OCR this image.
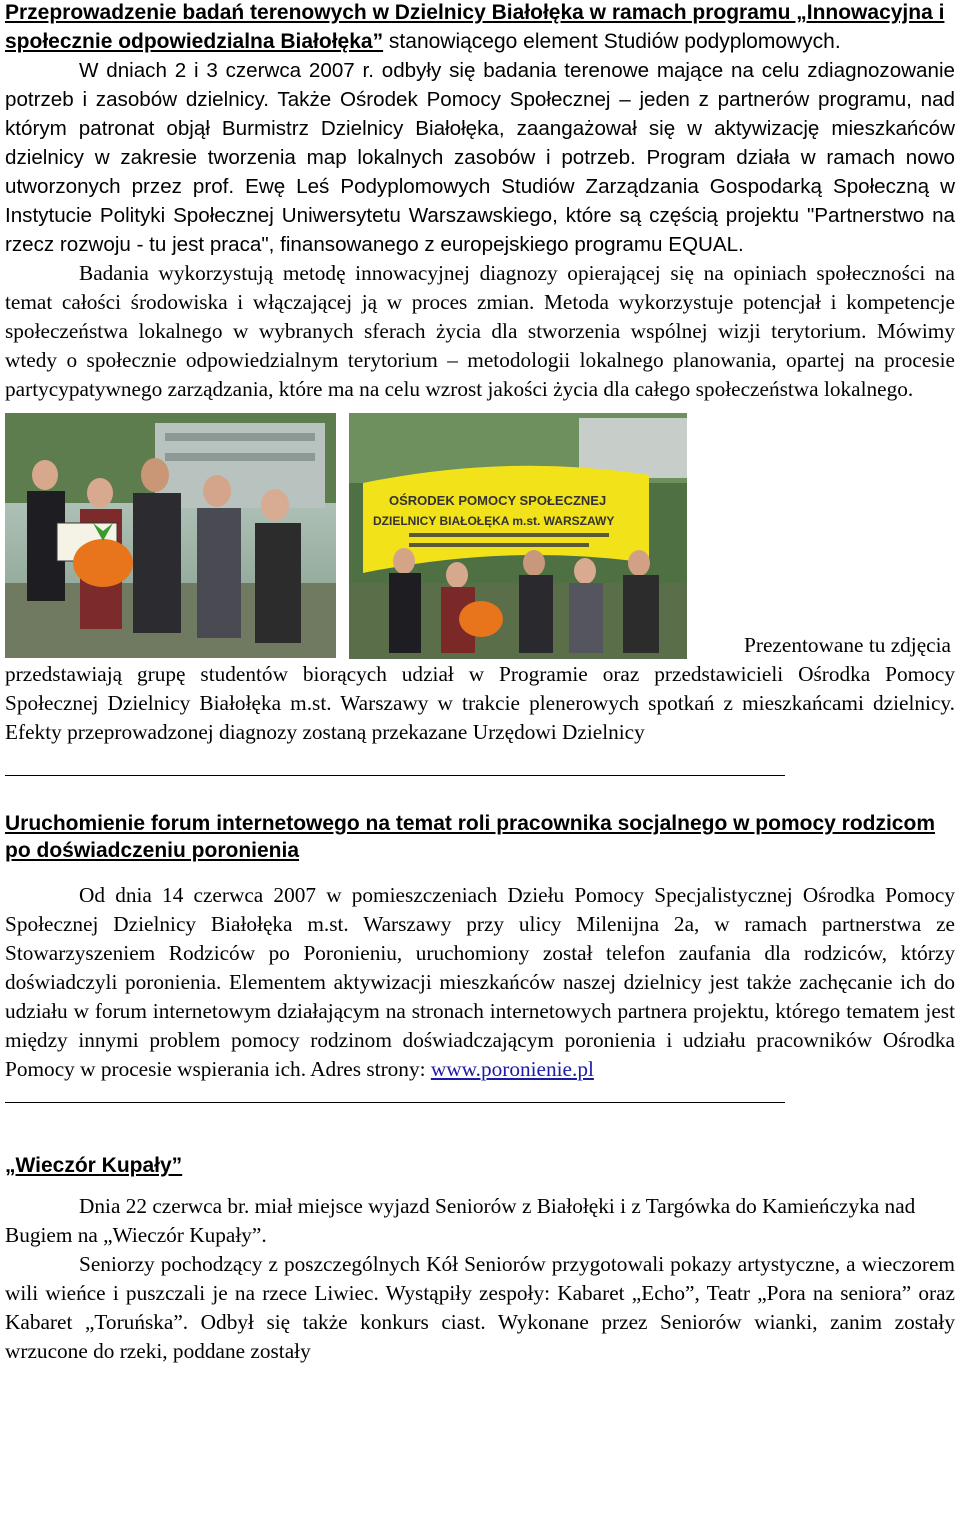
Przeprowadzenie badań terenowych w Dzielnicy Białołęka w ramach programu „Innowacyjna i społecznie odpowiedzialna Białołęka” stanowiącego element Studiów podyplomowych.

W dniach 2 i 3 czerwca 2007 r. odbyły się badania terenowe mające na celu zdiagnozowanie potrzeb i zasobów dzielnicy. Także Ośrodek Pomocy Społecznej – jeden z partnerów programu, nad którym patronat objął Burmistrz Dzielnicy Białołęka, zaangażował się w aktywizację mieszkańców dzielnicy w zakresie tworzenia map lokalnych zasobów i potrzeb. Program działa w ramach nowo utworzonych przez prof. Ewę Leś Podyplomowych Studiów Zarządzania Gospodarką Społeczną w Instytucie Polityki Społecznej Uniwersytetu Warszawskiego, które są częścią projektu "Partnerstwo na rzecz rozwoju - tu jest praca", finansowanego z europejskiego programu EQUAL.

Badania wykorzystują metodę innowacyjnej diagnozy opierającej się na opiniach społeczności na temat całości środowiska i włączającej ją w proces zmian. Metoda wykorzystuje potencjał i kompetencje społeczeństwa lokalnego w wybranych sferach życia dla stworzenia wspólnej wizji terytorium. Mówimy wtedy o społecznie odpowiedzialnym terytorium – metodologii lokalnego planowania, opartej na procesie partycypatywnego zarządzania, które ma na celu wzrost jakości życia dla całego społeczeństwa lokalnego.

OŚRODEK POMOCY SPOŁECZNEJ
DZIELNICY BIAŁOŁĘKA m.st. WARSZAWY
Prezentowane tu zdjęcia

przedstawiają grupę studentów biorących udział w Programie oraz przedstawicieli Ośrodka Pomocy Społecznej Dzielnicy Białołęka m.st. Warszawy w trakcie plenerowych spotkań z mieszkańcami dzielnicy. Efekty przeprowadzonej diagnozy zostaną przekazane Urzędowi Dzielnicy

Uruchomienie forum internetowego na temat roli pracownika socjalnego w pomocy rodzicom po doświadczeniu poronienia

Od dnia 14 czerwca 2007 w pomieszczeniach Dziełu Pomocy Specjalistycznej Ośrodka Pomocy Społecznej Dzielnicy Białołęka m.st. Warszawy przy ulicy Milenijna 2a, w ramach partnerstwa ze Stowarzyszeniem Rodziców po Poronieniu, uruchomiony został telefon zaufania dla rodziców, którzy doświadczyli poronienia. Elementem aktywizacji mieszkańców naszej dzielnicy jest także zachęcanie ich do udziału w forum internetowym działającym na stronach internetowych partnera projektu, którego tematem jest między innymi problem pomocy rodzinom doświadczającym poronienia i udziału pracowników Ośrodka Pomocy w procesie wspierania ich. Adres strony: www.poronienie.pl

„Wieczór Kupały”

Dnia 22 czerwca br. miał miejsce wyjazd Seniorów z Białołęki i z Targówka do Kamieńczyka nad Bugiem na „Wieczór Kupały”.

Seniorzy pochodzący z poszczególnych Kół Seniorów przygotowali pokazy artystyczne, a wieczorem wili wieńce i puszczali je na rzece Liwiec. Wystąpiły zespoły: Kabaret „Echo”, Teatr „Pora na seniora” oraz Kabaret „Toruńska”. Odbył się także konkurs ciast. Wykonane przez Seniorów wianki, zanim zostały wrzucone do rzeki, poddane zostały
